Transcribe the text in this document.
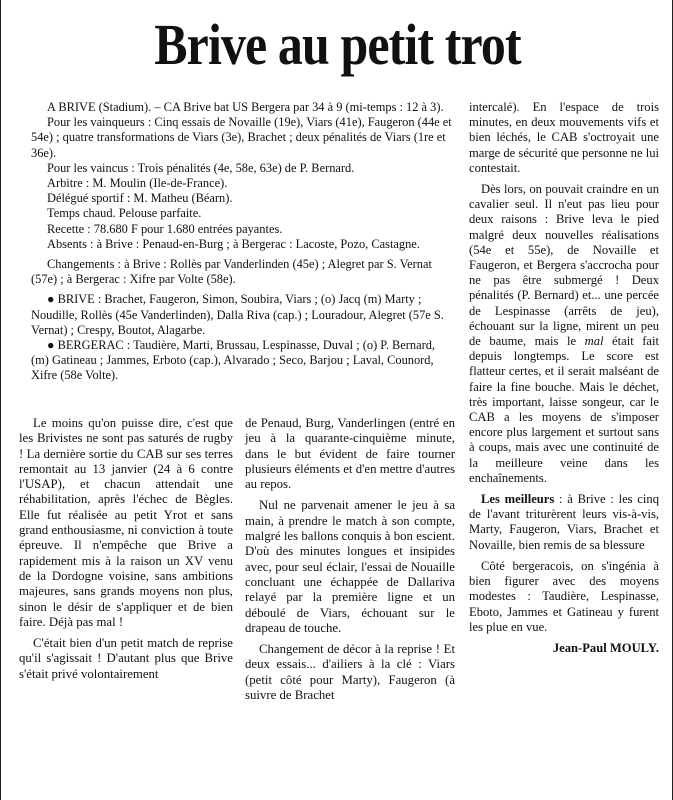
Brive au petit trot

A BRIVE (Stadium). – CA Brive bat US Bergera par 34 à 9 (mi-temps : 12 à 3).

Pour les vainqueurs : Cinq essais de Novaille (19e), Viars (41e), Faugeron (44e et 54e) ; quatre transformations de Viars (3e), Brachet ; deux pénalités de Viars (1re et 36e).

Pour les vaincus : Trois pénalités (4e, 58e, 63e) de P. Bernard.

Arbitre : M. Moulin (Ile-de-France).

Délégué sportif : M. Matheu (Béarn).

Temps chaud. Pelouse parfaite.

Recette : 78.680 F pour 1.680 entrées payantes.

Absents : à Brive : Penaud-en-Burg ; à Bergerac : Lacoste, Pozo, Castagne.

Changements : à Brive : Rollès par Vanderlinden (45e) ; Alegret par S. Vernat (57e) ; à Bergerac : Xifre par Volte (58e).

● BRIVE : Brachet, Faugeron, Simon, Soubira, Viars ; (o) Jacq (m) Marty ; Noudille, Rollès (45e Vanderlinden), Dalla Riva (cap.) ; Louradour, Alegret (57e S. Vernat) ; Crespy, Boutot, Alagarbe.

● BERGERAC : Taudière, Marti, Brussau, Lespinasse, Duval ; (o) P. Bernard, (m) Gatineau ; Jammes, Erboto (cap.), Alvarado ; Seco, Barjou ; Laval, Counord, Xifre (58e Volte).

intercalé). En l'espace de trois minutes, en deux mouvements vifs et bien léchés, le CAB s'octroyait une marge de sécurité que personne ne lui contestait.

Dès lors, on pouvait craindre en un cavalier seul. Il n'eut pas lieu pour deux raisons : Brive leva le pied malgré deux nouvelles réalisations (54e et 55e), de Novaille et Faugeron, et Bergera s'accrocha pour ne pas être submergé ! Deux pénalités (P. Bernard) et... une percée de Lespinasse (arrêts de jeu), échouant sur la ligne, mirent un peu de baume, mais le mal était fait depuis longtemps. Le score est flatteur certes, et il serait malséant de faire la fine bouche. Mais le déchet, très important, laisse songeur, car le CAB a les moyens de s'imposer encore plus largement et surtout sans à coups, mais avec une continuité de la meilleure veine dans les enchaînements.

Les meilleurs : à Brive : les cinq de l'avant triturèrent leurs vis-à-vis, Marty, Faugeron, Viars, Brachet et Novaille, bien remis de sa blessure

Côté bergeracois, on s'ingénia à bien figurer avec des moyens modestes : Taudière, Lespinasse, Eboto, Jammes et Gatineau y furent les plue en vue.

Jean-Paul MOULY.

Le moins qu'on puisse dire, c'est que les Brivistes ne sont pas saturés de rugby ! La dernière sortie du CAB sur ses terres remontait au 13 janvier (24 à 6 contre l'USAP), et chacun attendait une réhabilitation, après l'échec de Bègles. Elle fut réalisée au petit Yrot et sans grand enthousiasme, ni conviction à toute épreuve. Il n'empêche que Brive a rapidement mis à la raison un XV venu de la Dordogne voisine, sans ambitions majeures, sans grands moyens non plus, sinon le désir de s'appliquer et de bien faire. Déjà pas mal !

C'était bien d'un petit match de reprise qu'il s'agissait ! D'autant plus que Brive s'était privé volontairement

de Penaud, Burg, Vanderlingen (entré en jeu à la quarante-cinquième minute, dans le but évident de faire tourner plusieurs éléments et d'en mettre d'autres au repos.

Nul ne parvenait amener le jeu à sa main, à prendre le match à son compte, malgré les ballons conquis à bon escient. D'où des minutes longues et insipides avec, pour seul éclair, l'essai de Nouaille concluant une échappée de Dallariva relayé par la première ligne et un déboulé de Viars, échouant sur le drapeau de touche.

Changement de décor à la reprise ! Et deux essais... d'ailiers à la clé : Viars (petit côté pour Marty), Faugeron (à suivre de Brachet
